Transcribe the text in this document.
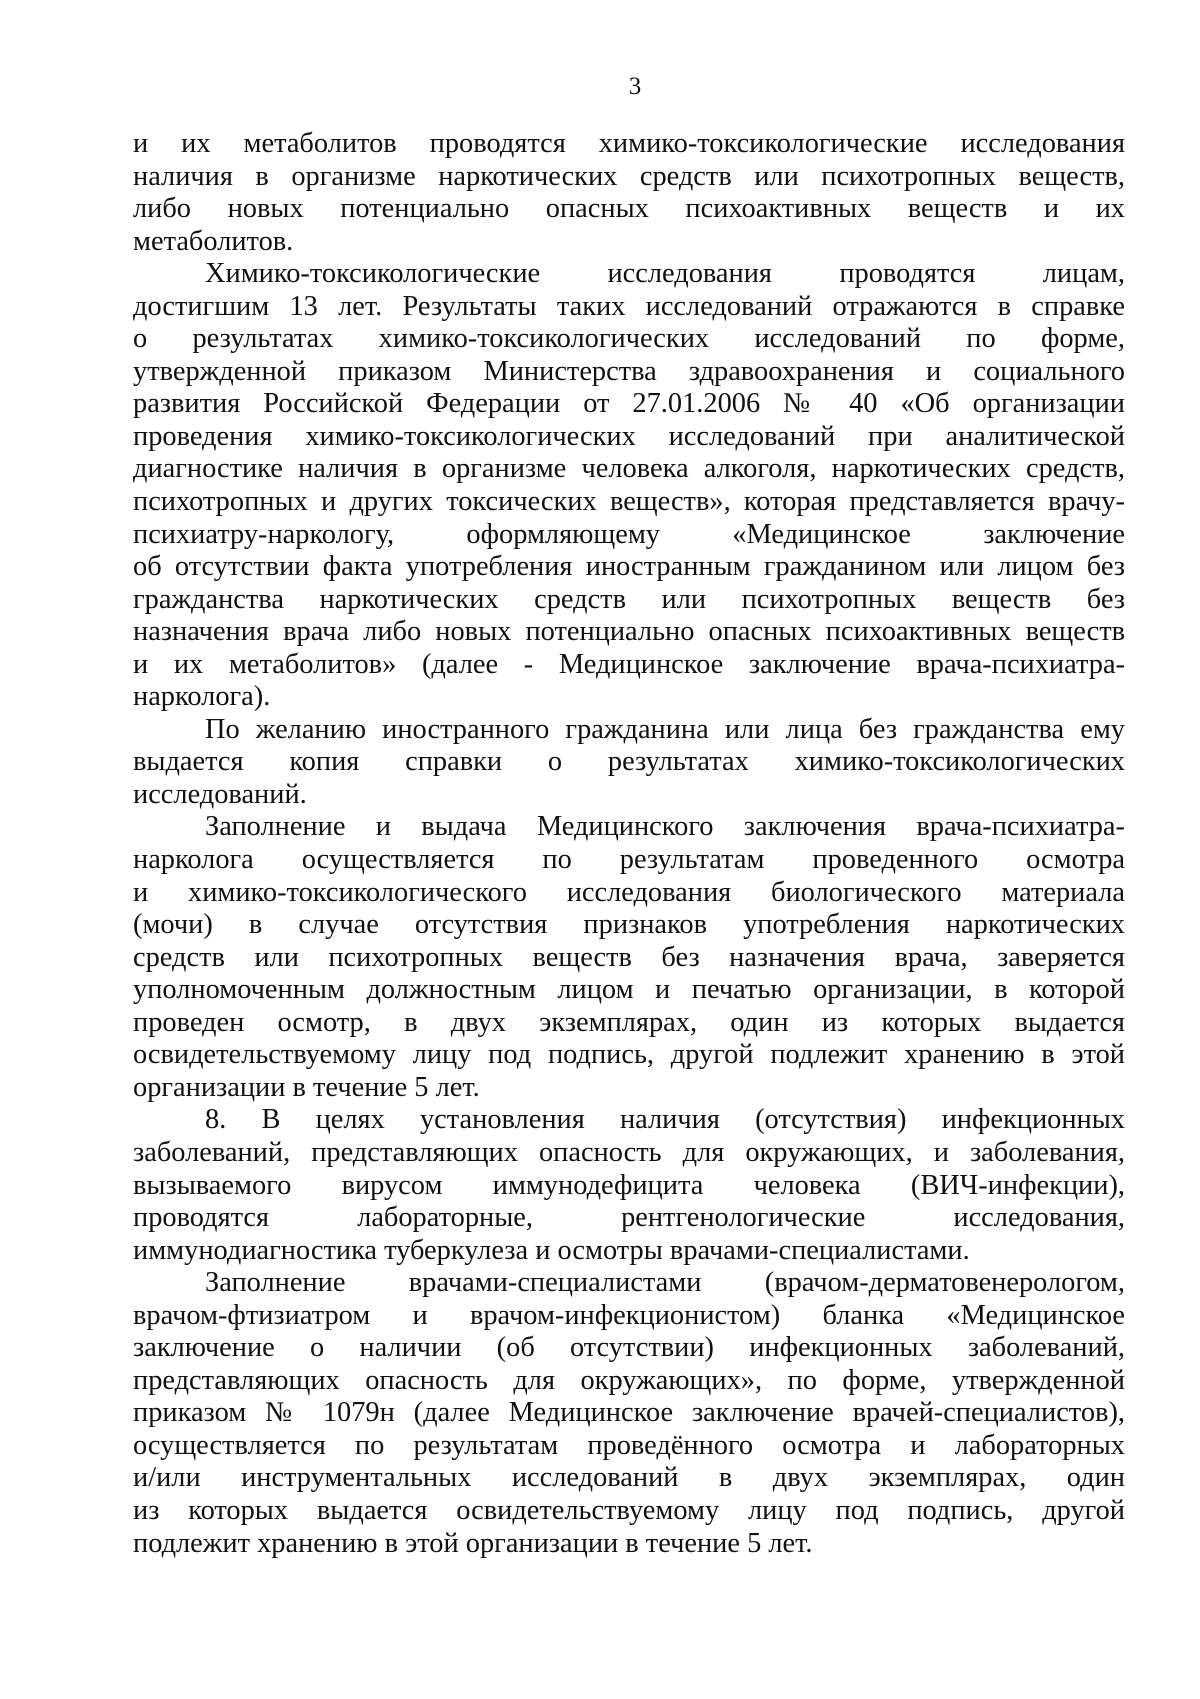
3
и их метаболитов проводятся химико-токсикологические исследования
наличия в организме наркотических средств или психотропных веществ,
либо новых потенциально опасных психоактивных веществ и их
метаболитов.
Химико-токсикологические исследования проводятся лицам,
достигшим 13 лет. Результаты таких исследований отражаются в справке
о результатах химико-токсикологических исследований по форме,
утвержденной приказом Министерства здравоохранения и социального
развития Российской Федерации от 27.01.2006 № 40 «Об организации
проведения химико-токсикологических исследований при аналитической
диагностике наличия в организме человека алкоголя, наркотических средств,
психотропных и других токсических веществ», которая представляется врачу-
психиатру-наркологу, оформляющему «Медицинское заключение
об отсутствии факта употребления иностранным гражданином или лицом без
гражданства наркотических средств или психотропных веществ без
назначения врача либо новых потенциально опасных психоактивных веществ
и их метаболитов» (далее - Медицинское заключение врача-психиатра-
нарколога).
По желанию иностранного гражданина или лица без гражданства ему
выдается копия справки о результатах химико-токсикологических
исследований.
Заполнение и выдача Медицинского заключения врача-психиатра-
нарколога осуществляется по результатам проведенного осмотра
и химико-токсикологического исследования биологического материала
(мочи) в случае отсутствия признаков употребления наркотических
средств или психотропных веществ без назначения врача, заверяется
уполномоченным должностным лицом и печатью организации, в которой
проведен осмотр, в двух экземплярах, один из которых выдается
освидетельствуемому лицу под подпись, другой подлежит хранению в этой
организации в течение 5 лет.
8. В целях установления наличия (отсутствия) инфекционных
заболеваний, представляющих опасность для окружающих, и заболевания,
вызываемого вирусом иммунодефицита человека (ВИЧ-инфекции),
проводятся лабораторные, рентгенологические исследования,
иммунодиагностика туберкулеза и осмотры врачами-специалистами.
Заполнение врачами-специалистами (врачом-дерматовенерологом,
врачом-фтизиатром и врачом-инфекционистом) бланка «Медицинское
заключение о наличии (об отсутствии) инфекционных заболеваний,
представляющих опасность для окружающих», по форме, утвержденной
приказом № 1079н (далее Медицинское заключение врачей-специалистов),
осуществляется по результатам проведённого осмотра и лабораторных
и/или инструментальных исследований в двух экземплярах, один
из которых выдается освидетельствуемому лицу под подпись, другой
подлежит хранению в этой организации в течение 5 лет.
